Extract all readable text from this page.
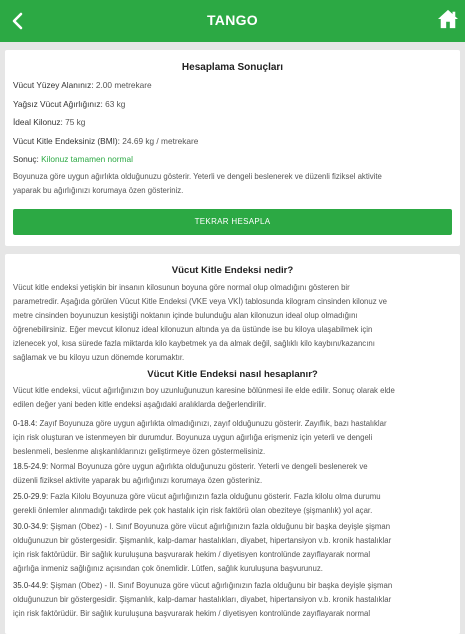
TANGO
Hesaplama Sonuçları
Vücut Yüzey Alanınız: 2.00 metrekare
Yağsız Vücut Ağırlığınız: 63 kg
İdeal Kilonuz: 75 kg
Vücut Kitle Endeksiniz (BMI): 24.69 kg / metrekare
Sonuç: Kilonuz tamamen normal
Boyunuza göre uygun ağırlıkta olduğunuzu gösterir. Yeterli ve dengeli beslenerek ve düzenli fiziksel aktivite
yaparak bu ağırlığınızı korumaya özen gösteriniz.
TEKRAR HESAPLA
Vücut Kitle Endeksi nedir?
Vücut kitle endeksi yetişkin bir insanın kilosunun boyuna göre normal olup olmadığını gösteren bir
parametredir. Aşağıda görülen Vücut Kitle Endeksi (VKE veya VKİ) tablosunda kilogram cinsinden kilonuz ve
metre cinsinden boyunuzun kesiştiği noktanın içinde bulunduğu alan kilonuzun ideal olup olmadığını
öğrenebilirsiniz. Eğer mevcut kilonuz ideal kilonuzun altında ya da üstünde ise bu kiloya ulaşabilmek için
izlenecek yol, kısa sürede fazla miktarda kilo kaybetmek ya da almak değil, sağlıklı kilo kaybını/kazancını
sağlamak ve bu kiloyu uzun dönemde korumaktır.
Vücut Kitle Endeksi nasıl hesaplanır?
Vücut kitle endeksi, vücut ağırlığınızın boy uzunluğunuzun karesine bölünmesi ile elde edilir. Sonuç olarak elde
edilen değer yani beden kitle endeksi aşağıdaki aralıklarda değerlendirilir.
0-18.4: Zayıf Boyunuza göre uygun ağırlıkta olmadığınızı, zayıf olduğunuzu gösterir. Zayıflık, bazı hastalıklar
için risk oluşturan ve istenmeyen bir durumdur. Boyunuza uygun ağırlığa erişmeniz için yeterli ve dengeli
beslenmeli, beslenme alışkanlıklarınızı geliştirmeye özen göstermelisiniz.
18.5-24.9: Normal Boyunuza göre uygun ağırlıkta olduğunuzu gösterir. Yeterli ve dengeli beslenerek ve
düzenli fiziksel aktivite yaparak bu ağırlığınızı korumaya özen gösteriniz.
25.0-29.9: Fazla Kilolu Boyunuza göre vücut ağırlığınızın fazla olduğunu gösterir. Fazla kilolu olma durumu
gerekli önlemler alınmadığı takdirde pek çok hastalık için risk faktörü olan obeziteye (şişmanlık) yol açar.
30.0-34.9: Şişman (Obez) - I. Sınıf Boyunuza göre vücut ağırlığınızın fazla olduğunu bir başka deyişle şişman
olduğunuzun bir göstergesidir. Şişmanlık, kalp-damar hastalıkları, diyabet, hipertansiyon v.b. kronik hastalıklar
için risk faktörüdür. Bir sağlık kuruluşuna başvurarak hekim / diyetisyen kontrolünde zayıflayarak normal
ağırlığa inmeniz sağlığınız açısından çok önemlidir. Lütfen, sağlık kuruluşuna başvurunuz.
35.0-44.9: Şişman (Obez) - II. Sınıf Boyunuza göre vücut ağırlığınızın fazla olduğunu bir başka deyişle şişman
olduğunuzun bir göstergesidir. Şişmanlık, kalp-damar hastalıkları, diyabet, hipertansiyon v.b. kronik hastalıklar
için risk faktörüdür. Bir sağlık kuruluşuna başvurarak hekim / diyetisyen kontrolünde zayıflayarak normal
